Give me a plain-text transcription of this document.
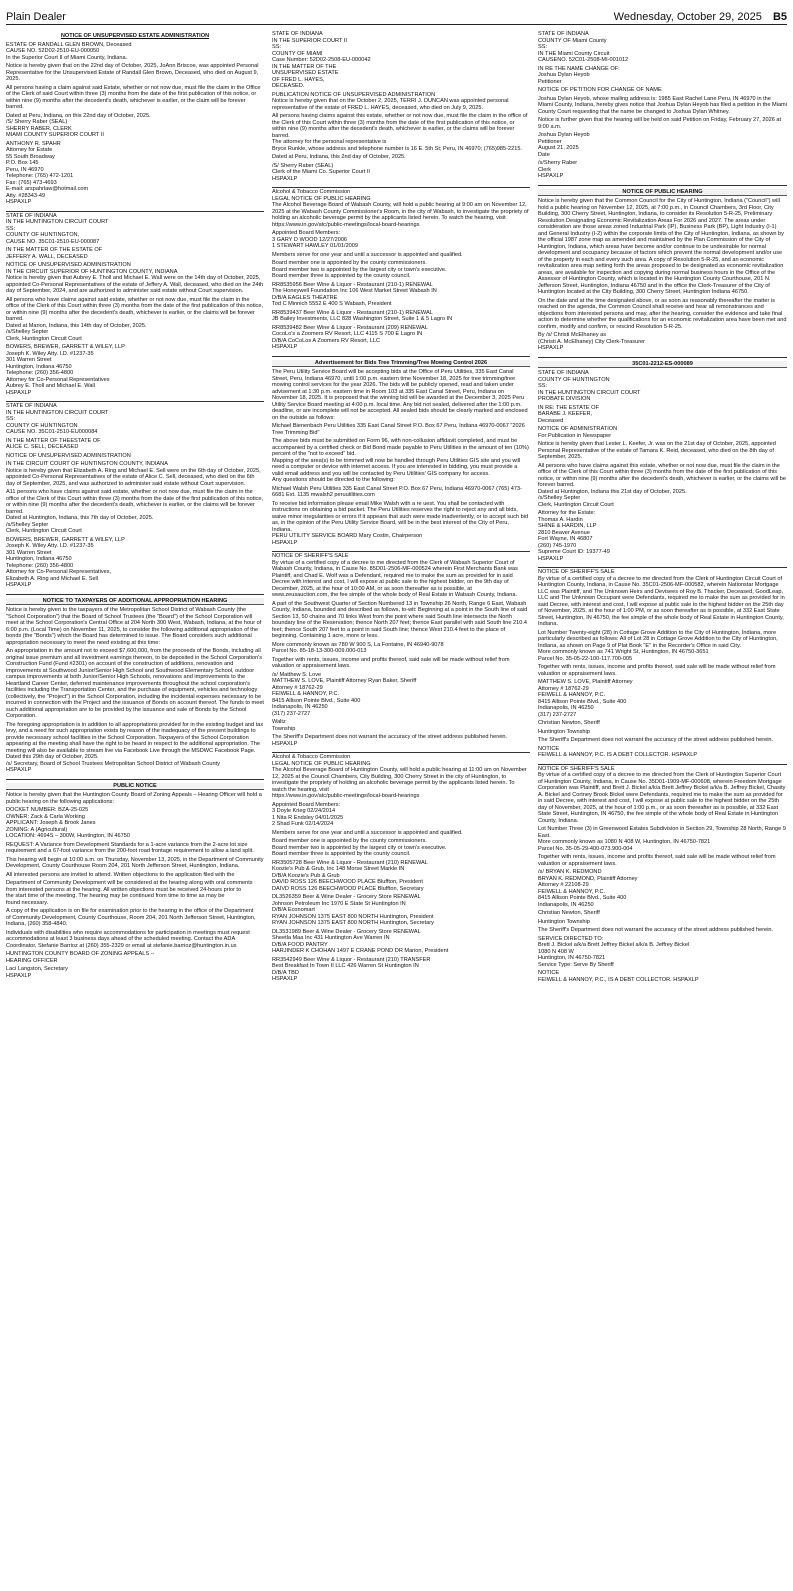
Plain Dealer	Wednesday, October 29, 2025 B5
NOTICE OF UNSUPERVISED ESTATE ADMINISTRATION

ESTATE OF RANDALL GLEN BROWN, Deceased
CAUSE NO. 52D02-2510-EU-000050
In the Superior Court II of Miami County, Indiana.

Notice is hereby given that on the 22nd day of October, 2025, JoAnn Briscoe, was appointed Personal Representative for the Unsupervised Estate of Randall Glen Brown, Deceased, who died on August 9, 2025.

All persons having a claim against said Estate, whether or not now due, must file the claim in the Office of the Clerk of said Court within three (3) months from the date of the first publication of this notice, or within nine (9) months after the decedent's death, whichever is earlier, or the claim will be forever barred.

Dated at Peru, Indiana, on this 22nd day of October, 2025.
/S/ Sherry Raber (SEAL)
SHERRY RABER, CLERK
MIAMI COUNTY SUPERIOR COURT II

ANTHONY R. SPAHR
Attorney for Estate
55 South Broadway
P.O. Box 145
Peru, IN 46970
Telephone: (765) 472-1201
Fax: (765) 473-4693
E-mail: arspahrlaw@hotmail.com
Atty. #28343-49
HSPAXLP

STATE OF INDIANA
IN THE HUNTINGTON CIRCUIT COURT
SS:
COUNTY OF HUNTINGTON,
CAUSE NO. 35C01-2510-EU-000087

IN THE MATTER OF THE ESTATE OF
JEFFERY A. WALL, DECEASED

NOTICE OF UNSUPERVISED ADMINISTRATION
IN THE CIRCUIT SUPERIOR OF HUNTINGTON COUNTY, INDIANA
Notice is hereby given that Aubrey E. Tholl and Michael E. Wall were on the 14th day of October, 2025, appointed Co-Personal Representatives of the estate of Jeffery A. Wall, deceased, who died on the 24th day of September, 2024, and are authorized to administer said estate without Court supervision.

All persons who have claims against said estate, whether or not now due, must file the claim in the office of the Clerk of this Court within three (3) months from the date of the first publication of this notice, or within nine (9) months after the decedent's death, whichever is earlier, or the claims will be forever barred.
Dated at Marion, Indiana, this 14th day of October, 2025.
/s/Shelley Septer
Clerk, Huntington Circuit Court

BOWERS, BREWER, GARRETT & WILEY, LLP
Joseph K. Wiley Atty. I.D. #1237-35
301 Warren Street
Huntington, Indiana 46750
Telephone: (260) 356-4800
Attorney for Co-Personal Representatives
Aubrey E. Tholl and Michael E. Wall
HSPAXLP

STATE OF INDIANA
IN THE HUNTINGTON CIRCUIT COURT
SS:
COUNTY OF HUNTINGTON
CAUSE NO. 35C01-2510-EU000084

IN THE MATTER OF THEESTATE OF
ALICE C. SELL, DECEASED

NOTICE OF UNSUPERVISED ADMINISTRATION

IN THE CIRCUIT COURT OF HUNTINGTON COUNTY, INDIANA
Notice is hereby given that Elizabeth A. Ring and Michael E. Sell were on the 6th day of October, 2025, appointed Co-Personal Representatives of the estate of Alice C. Sell, deceased, who died on the 6th day of September, 2025, and was authorized to administer said estate without Court supervision.

A11 persons who have claims against said estate, whether or not now due, must file the claim in the office of the Clerk of this Court within three (3) months from the date of the first publication of this notice, or within nine (9) months after the decedent's death, whichever is earlier, or the claims will be forever barred.
Dated at Huntington, Indiana, this 7th day of October, 2025.
/s/Shelley Septer
Clerk, Huntington Circuit Court

BOWERS, BREWER, GARRETT & WILEY, LLP
Joseph K. Wiley Atty. I.D. #1237-35
301 Warren Street
Huntington, Indiana 46750
Telephone: (260) 356-4800
Attorney for Co-Personal Representatives,
Elizabeth A. Ring and Michael E. Sell
HSPAXLP

NOTICE TO TAXPAYERS OF ADDITIONAL APPROPRIATION HEARING

Notice is hereby given to the taxpayers of the Metropolitan School District of Wabash County (the "School Corporation") that the Board of School Trustees (the "Board") of the School Corporation will meet at the School Corporation's Central Office at 204 North 300 West, Wabash, Indiana, at the hour of 6:00 p.m. (Local Time) on November 11, 2025, to consider the following additional appropriation of the bonds (the "Bonds") which the Board has determined to issue. The Board considers such additional appropriation necessary to meet the need existing at this time:

An appropriation in the amount not to exceed $7,600,000, from the proceeds of the Bonds, including all original issue premium and all investment earnings thereon, to be deposited in the School Corporation's Construction Fund (Fund #2301) on account of the construction of additions, renovation and improvements at Southwood Junior/Senior High School and Southwood Elementary School, outdoor campus improvements at both Junior/Senior High Schools, renovations and improvements to the Heartland Career Center, deferred maintenance improvements throughout the school corporation's facilities including the Transportation Center, and the purchase of equipment, vehicles and technology (collectively, the "Project") in the School Corporation, including the incidental expenses necessary to be incurred in connection with the Project and the issuance of Bonds on account thereof. The funds to meet such additional appropriation are to be provided by the issuance and sale of Bonds by the School Corporation.

The foregoing appropriation is in addition to all appropriations provided for in the existing budget and tax levy, and a need for such appropriation exists by reason of the inadequacy of the present buildings to provide necessary school facilities in the School Corporation. Taxpayers of the School Corporation appearing at the meeting shall have the right to be heard in respect to the additional appropriation. The meeting will also be available to stream live via Facebook Live through the MSDWC Facebook Page.
Dated this 29th day of October, 2025.
/s/ Secretary, Board of School Trustees Metropolitan School District of Wabash County
HSPAXLP

PUBLIC NOTICE

Notice is hereby given that the Huntington County Board of Zoning Appeals – Hearing Officer will hold a public hearing on the following applications:

DOCKET NUMBER: BZA-25-025
OWNER: Zack & Carla Working
APPLICANT: Joseph & Brook Janes
ZONING: A (Agricultural)
LOCATION: 4694S – 300W, Huntington, IN 46750

REQUEST: A Variance from Development Standards for a 1-acre variance from the 2-acre lot size requirement and a 67-foot variance from the 200-foot road frontage requirement to allow a land split.

This hearing will begin at 10:00 a.m. on Thursday, November 13, 2025, in the Department of Community Development, County Courthouse Room 204, 201 North Jefferson Street, Huntington, Indiana.

All interested persons are invited to attend. Written objections to the application filed with the

Department of Community Development will be considered at the hearing along with oral comments
from interested persons at the hearing. All written objections must be received 24-hours prior to
the start time of the meeting. The hearing may be continued from time to time as may be
found necessary.

A copy of the application is on file for examination prior to the hearing in the office of the Department
of Community Development, County Courthouse, Room 204, 201 North Jefferson Street, Huntington,
Indiana, (260) 358-4840.

Individuals with disabilities who require accommodations for participation in meetings must request accommodations at least 3 business days ahead of the scheduled meeting. Contact the ADA Coordinator, Stefanie Barrioz at (260) 355-2329 or email at stefanie.barrioz@huntington.in.us

HUNTINGTON COUNTY BOARD OF ZONING APPEALS --
HEARING OFFICER

Laci Langston, Secretary
HSPAXLP

STATE OF INDIANA
IN THE SUPERIOR COURT II
SS:
COUNTY OF MIAMI
Case Number: 52D02-2508-EU-000042
IN THE MATTER OF THE
UNSUPERVISED ESTATE
OF FRED L. HAYES,
DECEASED.

PUBLICATION NOTICE OF UNSUPERVISED ADMINISTRATION
Notice is hereby given that on the October 2, 2025, TERRI J. DUNCAN was appointed personal representative of the estate of FRED L. HAYES, deceased, who died on July 9, 2025.

All persons having claims against this estate, whether or not now due, must file the claim in the office of the Clerk of this Court within three (3) months from the date of the first publication of this notice, or within nine (9) months after the decedent's death, whichever is earlier, or the claims will be forever barred.
The attorney for the personal representative is
Bryce Runkle, whose address and telephone number is 16 E. 5th St; Peru, IN 46970; (765)985-2215.

Dated at Peru, Indiana, this 2nd day of October, 2025.

/S/ Sherry Raber (SEAL)
Clerk of the Miami Co. Superior Court II
HSPAXLP

Alcohol & Tobacco Commission
LEGAL NOTICE OF PUBLIC HEARING
The Alcohol Beverage Board of Wabash County, will hold a public hearing at 9:00 am on November 12, 2025 at the Wabash County Commissioner's Room, in the city of Wabash, to investigate the propriety of holding an alcoholic beverage permit by the applicants listed herein. To watch the hearing, visit https://www.in.gov/atc/public-meetings/local-board-hearings

Appointed Board Members:
3 GARY D WOOD 12/27/2006
1 STEWART HAWLEY 01/01/2009

Members serve for one year and until a successor is appointed and qualified.

Board member one is appointed by the county commissioners.
Board member two is appointed by the largest city or town's executive.
Board member three is appointed by the county council.

RR8535956 Beer Wine & Liquor - Restaurant (210-1) RENEWAL
The Honeywell Foundation Inc 106 West Market Street Wabash IN
D/B/A EAGLES THEATRE
Tod C Minnich 5552 E 400 S Wabash, President

RR8539437 Beer Wine & Liquor - Restaurant (210-1) RENEWAL
JB Bailey Investments, LLC 828 Washington Street, Suite 1 & 5 Lagro IN

RR8539482 Beer Wine & Liquor - Restaurant (209) RENEWAL
CocoLo's a Zoomers RV Resort, LLC 4115 S 700 E Lagro IN
D/B/A CoCoLos A Zoomers RV Resort, LLC
HSPAXLP

Advertisement for Bids Tree Trimming/Tree Mowing Control 2026

The Peru Utility Service Board will be accepting bids at the Office of Peru Utilities, 335 East Canal Street, Peru, Indiana 46970, until 1:00 p.m. eastern time November 18, 2025 for tree trimming/tree mowing control services for the year 2026. The bids will be publicly opened, read and taken under advisement at 1:30 p.m. eastern time in Room 103 at 335 East Canal Street, Peru, Indiana on November 18, 2025. It is proposed that the winning bid will be awarded at the December 3, 2025 Peru Utility Service Board meeting at 4:00 p.m. local time. Any bid not sealed, delivered after the 1:00 p.m. deadline, or are incomplete will not be accepted. All sealed bids should be clearly marked and enclosed on the outside as follows:

Michael Bienenbach Peru Utilities 335 East Canal Street P.O. Box 67 Peru, Indiana 46970-0067 "2026 Tree Trimming Bid"

The above bids must be submitted on Form 96, with non-collusion affidavit completed, and must be accompanied by a certified check or Bid Bond made payable to Peru Utilities in the amount of ten (10%) percent of the "not to exceed" bid.
Mapping of the area(s) to be trimmed will now be handled through Peru Utilities GIS site and you will need a computer or device with internet access. If you are interested in bidding, you must provide a valid email address and you will be contacted by Peru Utilities' GIS company for access.
Any questions should be directed to the following:

Michael Walsh Peru Utilities 335 East Canal Street P.O. Box 67 Peru, Indiana 46970-0067 (765) 473-6681 Ext. 1135 mwalsh2 peruutilities.com

To receive bid information please email Mike Walsh with a re uest. You shall be contacted with instructions on obtaining a bid packet. The Peru Utilities reserves the right to reject any and all bids, waive minor irregularities or errors if it appears that such were made inadvertently, or to accept such bid as, in the opinion of the Peru Utility Service Board, will be in the best interest of the City of Peru, Indiana.
PERU UTILITY SERVICE BOARD Mary Costin, Chairperson
HSPAXLP

NOTICE OF SHERIFF'S SALE
By virtue of a certified copy of a decree to me directed from the Clerk of Wabash Superior Court of Wabash County, Indiana, in Cause No. 85D01-2506-MF-000524 wherein First Merchants Bank was Plaintiff, and Chad E. Wolf was a Defendant, required me to make the sum as provided for in said Decree with interest and cost, I will expose at public sale to the highest bidder, on the 9th day of December, 2025, at the hour of 10:00 AM, or as soon thereafter as is possible, at www.zeusauction.com, the fee simple of the whole body of Real Estate in Wabash County, Indiana.

A part of the Southwest Quarter of Section Numbered 13 in Township 26 North, Range 6 East, Wabash County, Indiana, bounded and described as follows, to-wit: Beginning at a point in the South line of said Section 13, 50 chains and 70 links West from the point where said South line intersects the North boundary line of the Reservation; thence North 207 feet; thence East parallel with said South line 210.4 feet; thence South 207 feet to a point in said South line; thence West 210.4 feet to the place of beginning. Containing 1 acre, more or less.

More commonly known as 780 W 900 S, La Fontaine, IN 46940-9078
Parcel No. 85-18-13-300-009.000-013

Together with rents, issues, income and profits thereof, said sale will be made without relief from valuation or appraisement laws.

/s/ Matthew S. Love
MATTHEW S. LOVE, Plaintiff Attorney Ryan Baker, Sheriff
Attorney # 18762-29
FEIWELL & HANNOY, P.C.
8415 Allison Pointe Blvd., Suite 400
Indianapolis, IN 46250
(317) 237-2727

Waltz
Township

The Sheriff's Department does not warrant the accuracy of the street address published herein.
HSPAXLP

Alcohol & Tobacco Commission
LEGAL NOTICE OF PUBLIC HEARING
The Alcohol Beverage Board of Huntington County, will hold a public hearing at 11:00 am on November 12, 2025 at the Council Chambers, City Building, 300 Cherry Street in the city of Huntington, to investigate the propriety of holding an alcoholic beverage permit by the applicants listed herein. To watch the hearing, visit
https://www.in.gov/atc/public-meetings/local-board-hearings

Appointed Board Members:
3 Doyle Krieg 02/24/2014
1 Nita R Endsley 04/01/2025
2 Shad Funk 02/14/2024

Members serve for one year and until a successor is appointed and qualified.

Board member one is appointed by the county commissioners.
Board member two is appointed by the largest city or town's executive.
Board member three is appointed by the county council.

RR3505728 Beer Wine & Liquor - Restaurant (210) RENEWAL
Koozie's Pub & Grub, Inc 148 Morse Street Markle IN
D/B/A Koozie's Pub & Grub
DAVID ROSS 126 BEECHWOOD PLACE Bluffton, President
DAIVD ROSS 126 BEECHWOOD PLACE Bluffton, Secretary

DL3526359 Beer & Wine Dealer - Grocery Store RENEWAL
Johnson Petroleum Inc 1970 E State St Huntington IN
D/B/A Economart
RYAN JOHNSON 1375 EAST 800 NORTH Huntington, President
RYAN JOHNSON 1375 EAST 800 NORTH Huntington, Secretary

DL3531989 Beer & Wine Dealer - Grocery Store RENEWAL
Sheetla Maa Inc 431 Huntington Ave Warren IN
D/B/A FOOD PANTRY
HARJINDER K CHOHAN 1497 E CRANE POND DR Marion, President

RR3542949 Beer Wine & Liquor - Restaurant (210) TRANSFER
Best Breakfast In Town II LLC 426 Warren St Huntington IN
D/B/A TBD
HSPAXLP

STATE OF INDIANA
COUNTY OF Miami County
SS:
IN THE Miami County Circuit
CAUSENO. 52C01-2508-MI-001012

IN RE THE NAME CHANGE OF:
Joshua Dylan Heyob
Petitioner

NOTICE OF PETITION FOR CHANGE OF NAME

Joshua Dylan Heyob, whose mailing address is: 1985 East Rachel Lane Peru, IN 46970 in the Miami County, Indiana, hereby gives notice that Joshua Dylan Heyob has filed a petition in the Miami County Court requesting that the name be changed to Joshua Dylan Whitney.

Notice is further given that the hearing will be held on said Petition on Friday, February 27, 2026 at 9:00 a.m.

Joshua Dylan Heyob
Petitioner
August 21, 2025
Date

/s/Sherry Raber
Clerk
HSPAXLP

NOTICE OF PUBLIC HEARING

Notice is hereby given that the Common Council for the City of Huntington, Indiana ("Council") will hold a public hearing on November 12, 2025, at 7:00 p.m., in Council Chambers, 3rd Floor, City Building, 300 Cherry Street, Huntington, Indiana, to consider its Resolution 5-R-25, Preliminary Resolution Designating Economic Revitalization Areas For 2026 and 2027. The areas under consideration are those areas zoned Industrial Park (IP), Business Park (BP), Light Industry (I-1) and General Industry (I-2) within the corporate limits of the City of Huntington, Indiana, as shown by the official 1987 zone map as amended and maintained by the Plan Commission of the City of Huntington, Indiana, which areas have become and/or continue to be undesirable for normal development and occupancy because of factors which prevent the normal development and/or use of the property in each and every such area. A copy of Resolution 5-R-25, and an economic revitalization area map setting forth the areas proposed to be designated as economic revitalization areas, are available for inspection and copying during normal business hours in the Office of the Assessor of Huntington County, which is located in the Huntington County Courthouse, 201 N. Jefferson Street, Huntington, Indiana 46750 and in the office the Clerk-Treasurer of the City of Huntington located at the City Building, 300 Cherry Street, Huntington Indiana 46750.

On the date and at the time designated above, or as soon as reasonably thereafter the matter is reached on the agenda, the Common Council shall receive and hear all remonstrances and objections from interested persons and may, after the hearing, consider the evidence and take final action to determine whether the qualifications for an economic revitalization area have been met and confirm, modify and confirm, or rescind Resolution 5-R-25.

By /s/ Christi McElhaney as
(Christi A. McElhaney) City Clerk-Treasurer
HSPAXLP

35C01-2212-ES-000089

STATE OF INDIANA
COUNTY OF HUNTINGTON
SS:
IN THE HUNTINGTON CIRCUIT COURT
PROBATE DIVISION

IN RE: THE ESTATE OF
BARABE J. KEEFER,
Deceased

NOTICE OF ADMINISTRATION
For Publication in Newspaper

Notice is hereby given that Lester L. Keefer, Jr. was on the 21st day of October, 2025, appointed Personal Representative of the estate of Tamara K. Reid, deceased, who died on the 8th day of September, 2025.

All persons who have claims against this estate, whether or not now due, must file the claim in the office of the Clerk of this Court within three (3) months from the date of the first publication of this notice, or within nine (9) months after the decedent's death, whichever is earlier, or the claims will be forever barred.
Dated at Huntington, Indiana this 21st day of October, 2025.
/s/Shelley Septer
Clerk, Huntington Circuit Court

Attorney for the Estate:
Thomas A. Hardin
SHINE & HARDIN, LLP
2810 Beaver Avenue
Fort Wayne, IN 46807
(260) 745-1970
Supreme Court ID: 19377-49
HSPAXLP

NOTICE OF SHERIFF'S SALE
By virtue of a certified copy of a decree to me directed from the Clerk of Huntington Circuit Court of Huntington County, Indiana, in Cause No. 35C01-2506-MF-000582, wherein Nationstar Mortgage LLC was Plaintiff, and The Unknown Heirs and Devisees of Roy B. Thacker, Deceased, GoodLeap, LLC and The Unknown Occupant were Defendants, required me to make the sum as provided for in said Decree, with interest and cost, I will expose at public sale to the highest bidder on the 25th day of November, 2025, at the hour of 1:00 PM, or as soon thereafter as is possible, at 332 East State Street, Huntington, IN 46750, the fee simple of the whole body of Real Estate in Huntington County, Indiana.

Lot Number Twenty-eight (28) in Cottage Grove Addition to the City of Huntington, Indiana, more particularly described as follows: All of Lot 28 in Cottage Grove Addition to the City of Huntington, Indiana, as shown on Page 9 of Plat Book "E" in the Recorder's Office in said City.
More commonly known as 741 Wright St, Huntington, IN 46750-3651
Parcel No. 35-05-22-100-117.700-005

Together with rents, issues, income and profits thereof, said sale will be made without relief from valuation or appraisement laws.

MATTHEW S. LOVE, Plaintiff Attorney
Attorney # 18762-29
FEIWELL & HANNOY, P.C.
8415 Allison Pointe Blvd., Suite 400
Indianapolis, IN 46250
(317) 237-2727

Christian Newton, Sheriff

Huntington Township

The Sheriff's Department does not warrant the accuracy of the street address published herein.

NOTICE
FEIWELL & HANNOY, P.C. IS A DEBT COLLECTOR. HSPAXLP

NOTICE OF SHERIFF'S SALE
By virtue of a certified copy of a decree to me directed from the Clerk of Huntington Superior Court of Huntington County, Indiana, in Cause No. 35D01-1909-MF-000608, wherein Freedom Mortgage Corporation was Plaintiff, and Brett J. Bickel a/k/a Brett Jeffrey Bickel a/k/a B. Jeffrey Bickel, Chasity A. Bickel and Cortney Brook Bickel were Defendants, required me to make the sum as provided for in said Decree, with interest and cost, I will expose at public sale to the highest bidder on the 25th day of November, 2025, at the hour of 1:00 p.m., or as soon thereafter as is possible, at 332 East State Street, Huntington, IN 46750, the fee simple of the whole body of Real Estate in Huntington County, Indiana.

Lot Number Three (3) in Greenwood Estates Subdivision in Section 29, Township 28 North, Range 9 East.
More commonly known as 1080 N 408 W, Huntington, IN 46750-7821
Parcel No. 35-05-29-400-073.900-004

Together with rents, issues, income and profits thereof, said sale will be made without relief from valuation or appraisement laws.

/s/ BRYAN K. REDMOND
BRYAN K. REDMOND, Plaintiff Attorney
Attorney # 22108-29
FEIWELL & HANNOY, P.C.
8415 Allison Pointe Blvd., Suite 400
Indianapolis, IN 46250

Christian Newton, Sheriff

Huntington Township

The Sheriff's Department does not warrant the accuracy of the street address published herein.

SERVICE DIRECTED TO:
Brett J. Bickel a/k/a Brett Jeffrey Bickel a/k/a B. Jeffrey Bickel
1080 N 408 W
Huntington, IN 46750-7821
Service Type: Serve By Sheriff

NOTICE
FEIWELL & HANNOY, P.C., IS A DEBT COLLECTOR. HSPAXLP
